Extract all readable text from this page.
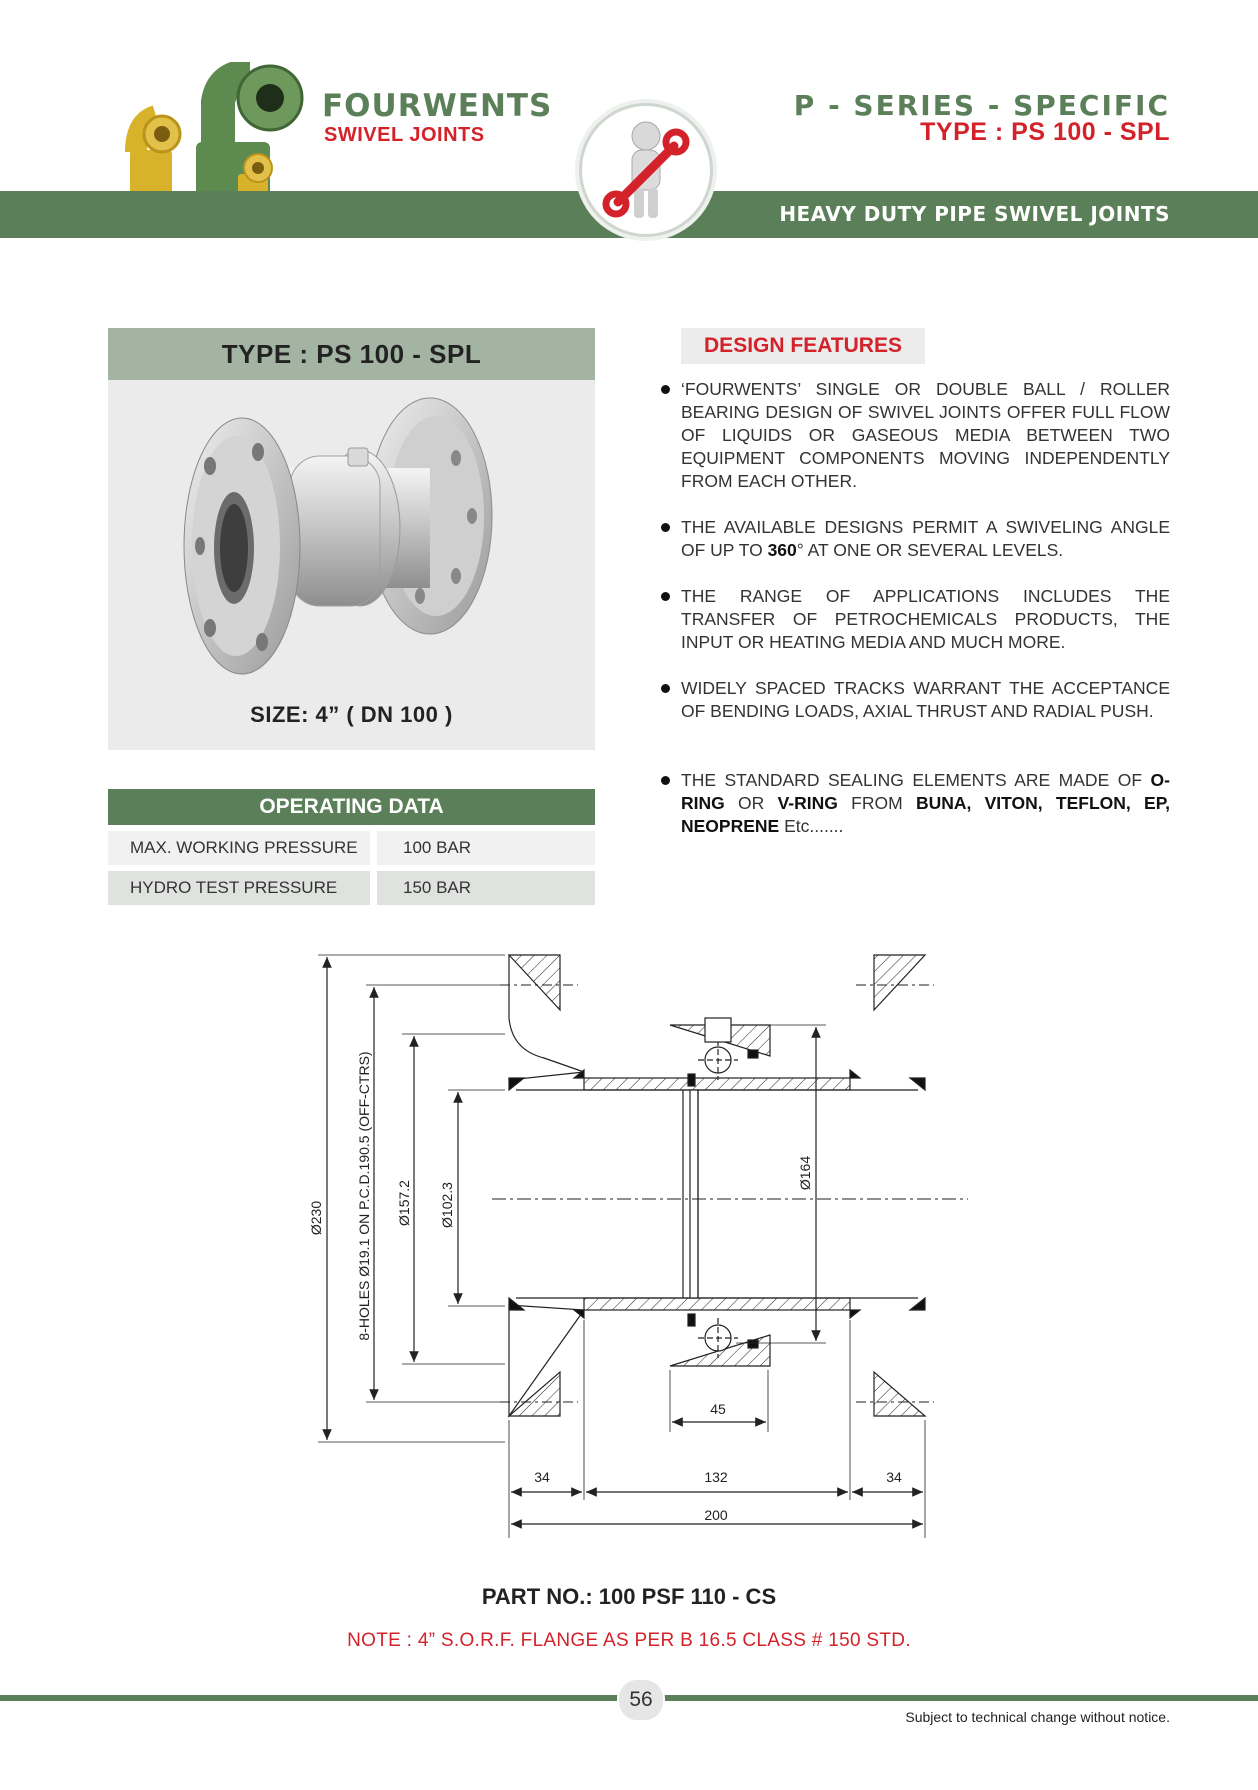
FOURWENTS
SWIVEL JOINTS
P - SERIES - SPECIFIC
TYPE : PS 100 - SPL
HEAVY DUTY PIPE SWIVEL JOINTS
TYPE : PS 100 - SPL
SIZE: 4” ( DN 100 )
OPERATING DATA
MAX. WORKING PRESSURE	100 BAR
HYDRO TEST PRESSURE	150 BAR
DESIGN FEATURES
‘FOURWENTS’ SINGLE OR DOUBLE BALL / ROLLER BEARING DESIGN OF SWIVEL JOINTS OFFER FULL FLOW OF LIQUIDS OR GASEOUS MEDIA BETWEEN TWO EQUIPMENT COMPONENTS MOVING INDEPENDENTLY FROM EACH OTHER.
THE AVAILABLE DESIGNS PERMIT A SWIVELING ANGLE OF UP TO 360° AT ONE OR SEVERAL LEVELS.
THE RANGE OF APPLICATIONS INCLUDES THE TRANSFER OF PETROCHEMICALS PRODUCTS, THE INPUT OR HEATING MEDIA AND MUCH MORE.
WIDELY SPACED TRACKS WARRANT THE ACCEPTANCE OF BENDING LOADS, AXIAL THRUST AND RADIAL PUSH.
THE STANDARD SEALING ELEMENTS ARE MADE OF O-RING OR V-RING FROM BUNA, VITON, TEFLON, EP, NEOPRENE Etc.......
Ø230 8-HOLES Ø19.1 ON P.C.D.190.5 (OFF-CTRS) Ø157.2 Ø102.3
Ø164
45
34	132	34
200
PART NO.: 100 PSF 110 - CS
NOTE : 4” S.O.R.F. FLANGE AS PER B 16.5 CLASS # 150 STD.
56
Subject to technical change without notice.
